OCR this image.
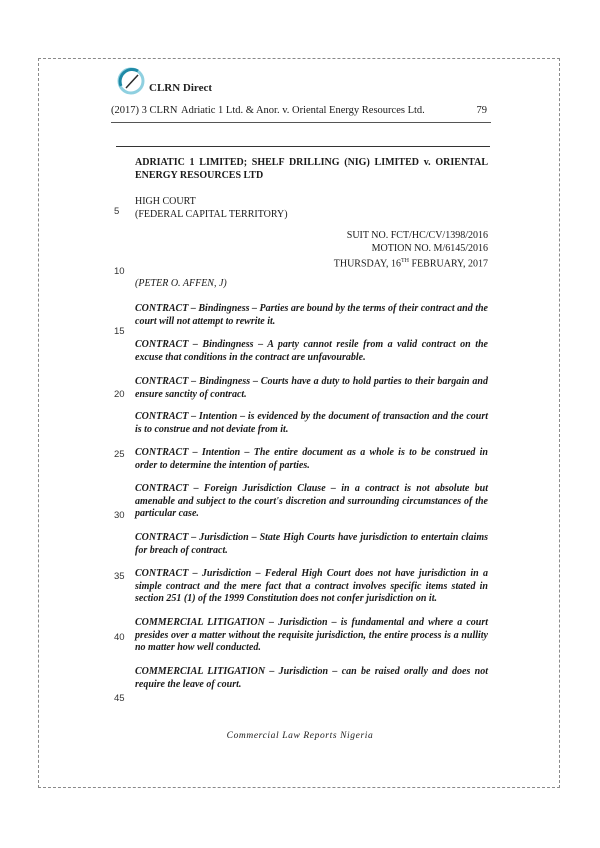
CLRN Direct
(2017) 3 CLRN Adriatic 1 Ltd. & Anor. v. Oriental Energy Resources Ltd.	79
ADRIATIC 1 LIMITED; SHELF DRILLING (NIG) LIMITED v. ORIENTAL ENERGY RESOURCES LTD
HIGH COURT
(FEDERAL CAPITAL TERRITORY)
SUIT NO. FCT/HC/CV/1398/2016
MOTION NO. M/6145/2016
THURSDAY, 16TH FEBRUARY, 2017
(PETER O. AFFEN, J)
CONTRACT – Bindingness – Parties are bound by the terms of their contract and the court will not attempt to rewrite it.
CONTRACT – Bindingness – A party cannot resile from a valid contract on the excuse that conditions in the contract are unfavourable.
CONTRACT – Bindingness – Courts have a duty to hold parties to their bargain and ensure sanctity of contract.
CONTRACT – Intention – is evidenced by the document of transaction and the court is to construe and not deviate from it.
CONTRACT – Intention – The entire document as a whole is to be construed in order to determine the intention of parties.
CONTRACT – Foreign Jurisdiction Clause – in a contract is not absolute but amenable and subject to the court's discretion and surrounding circumstances of the particular case.
CONTRACT – Jurisdiction – State High Courts have jurisdiction to entertain claims for breach of contract.
CONTRACT – Jurisdiction – Federal High Court does not have jurisdiction in a simple contract and the mere fact that a contract involves specific items stated in section 251 (1) of the 1999 Constitution does not confer jurisdiction on it.
COMMERCIAL LITIGATION – Jurisdiction – is fundamental and where a court presides over a matter without the requisite jurisdiction, the entire process is a nullity no matter how well conducted.
COMMERCIAL LITIGATION – Jurisdiction – can be raised orally and does not require the leave of court.
5
10
15
20
25
30
35
40
45
Commercial Law Reports Nigeria
